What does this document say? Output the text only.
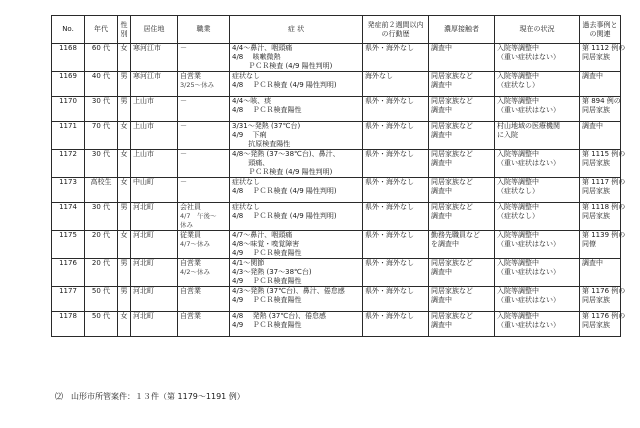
No.	年代	性別	居住地	職業	症 状	発症前２週間以内の行動歴	濃厚接触者	現在の状況	過去事例との関連
1168	60 代	女	寒河江市	－	4/4～鼻汁、咽頭痛
4/8 　咳嗽微熱
　　 ＰＣＲ検査 (4/9 陽性判明)	県外・海外なし	調査中	入院等調整中
（重い症状はない）	第 1112 例の
同居家族

1169	40 代	男	寒河江市	自営業
3/25～休み	症状なし
4/8 　ＰＣＲ検査 (4/9 陽性判明)	海外なし	同居家族など
調査中	入院等調整中
（症状なし）	調査中

1170	30 代	男	上山市	－	4/4～咳、痰
4/8 　ＰＣＲ検査陽性	県外・海外なし	同居家族など
調査中	入院等調整中
（重い症状はない）	第 894 例の
同居家族

1171	70 代	女	上山市	－	3/31～発熱 (37℃台)
4/9 　下痢
　　 抗原検査陽性	県外・海外なし	同居家族など
調査中	村山地域の医療機関
に入院	調査中

1172	30 代	女	上山市	－	4/8～発熱 (37～38℃台)、鼻汁、
　　 頭痛、
　　 ＰＣＲ検査 (4/9 陽性判明)	県外・海外なし	同居家族など
調査中	入院等調整中
（重い症状はない）	第 1115 例の
同居家族

1173	高校生	女	中山町	－	症状なし
4/8 　ＰＣＲ検査 (4/9 陽性判明)	県外・海外なし	同居家族など
調査中	入院等調整中
（症状なし）	第 1117 例の
同居家族

1174	30 代	男	河北町	会社員
4/7　午後～
休み	症状なし
4/8 　ＰＣＲ検査 (4/9 陽性判明)	県外・海外なし	同居家族など
調査中	入院等調整中
（症状なし）	第 1118 例の
同居家族

1175	20 代	女	河北町	従業員
4/7～休み	4/7～鼻汁、咽頭痛
4/8～味覚・嗅覚障害
4/9 　ＰＣＲ検査陽性	県外・海外なし	勤務先職員など
を調査中	入院等調整中
（重い症状はない）	第 1139 例の
同僚

1176	20 代	男	河北町	自営業
4/2～休み	4/1～関節
4/3～発熱 (37～38℃台)
4/9 　ＰＣＲ検査陽性	県外・海外なし	同居家族など
調査中	入院等調整中
（重い症状はない）	調査中

1177	50 代	男	河北町	自営業	4/3～発熱 (37℃台)、鼻汁、倦怠感
4/9 　ＰＣＲ検査陽性	県外・海外なし	同居家族など
調査中	入院等調整中
（重い症状はない）	第 1176 例の
同居家族

1178	50 代	女	河北町	自営業	4/8 　発熱 (37℃台)、倦怠感
4/9 　ＰＣＲ検査陽性	県外・海外なし	同居家族など
調査中	入院等調整中
（重い症状はない）	第 1176 例の
同居家族
⑵　山形市所管案件：１３件（第 1179～1191 例）
